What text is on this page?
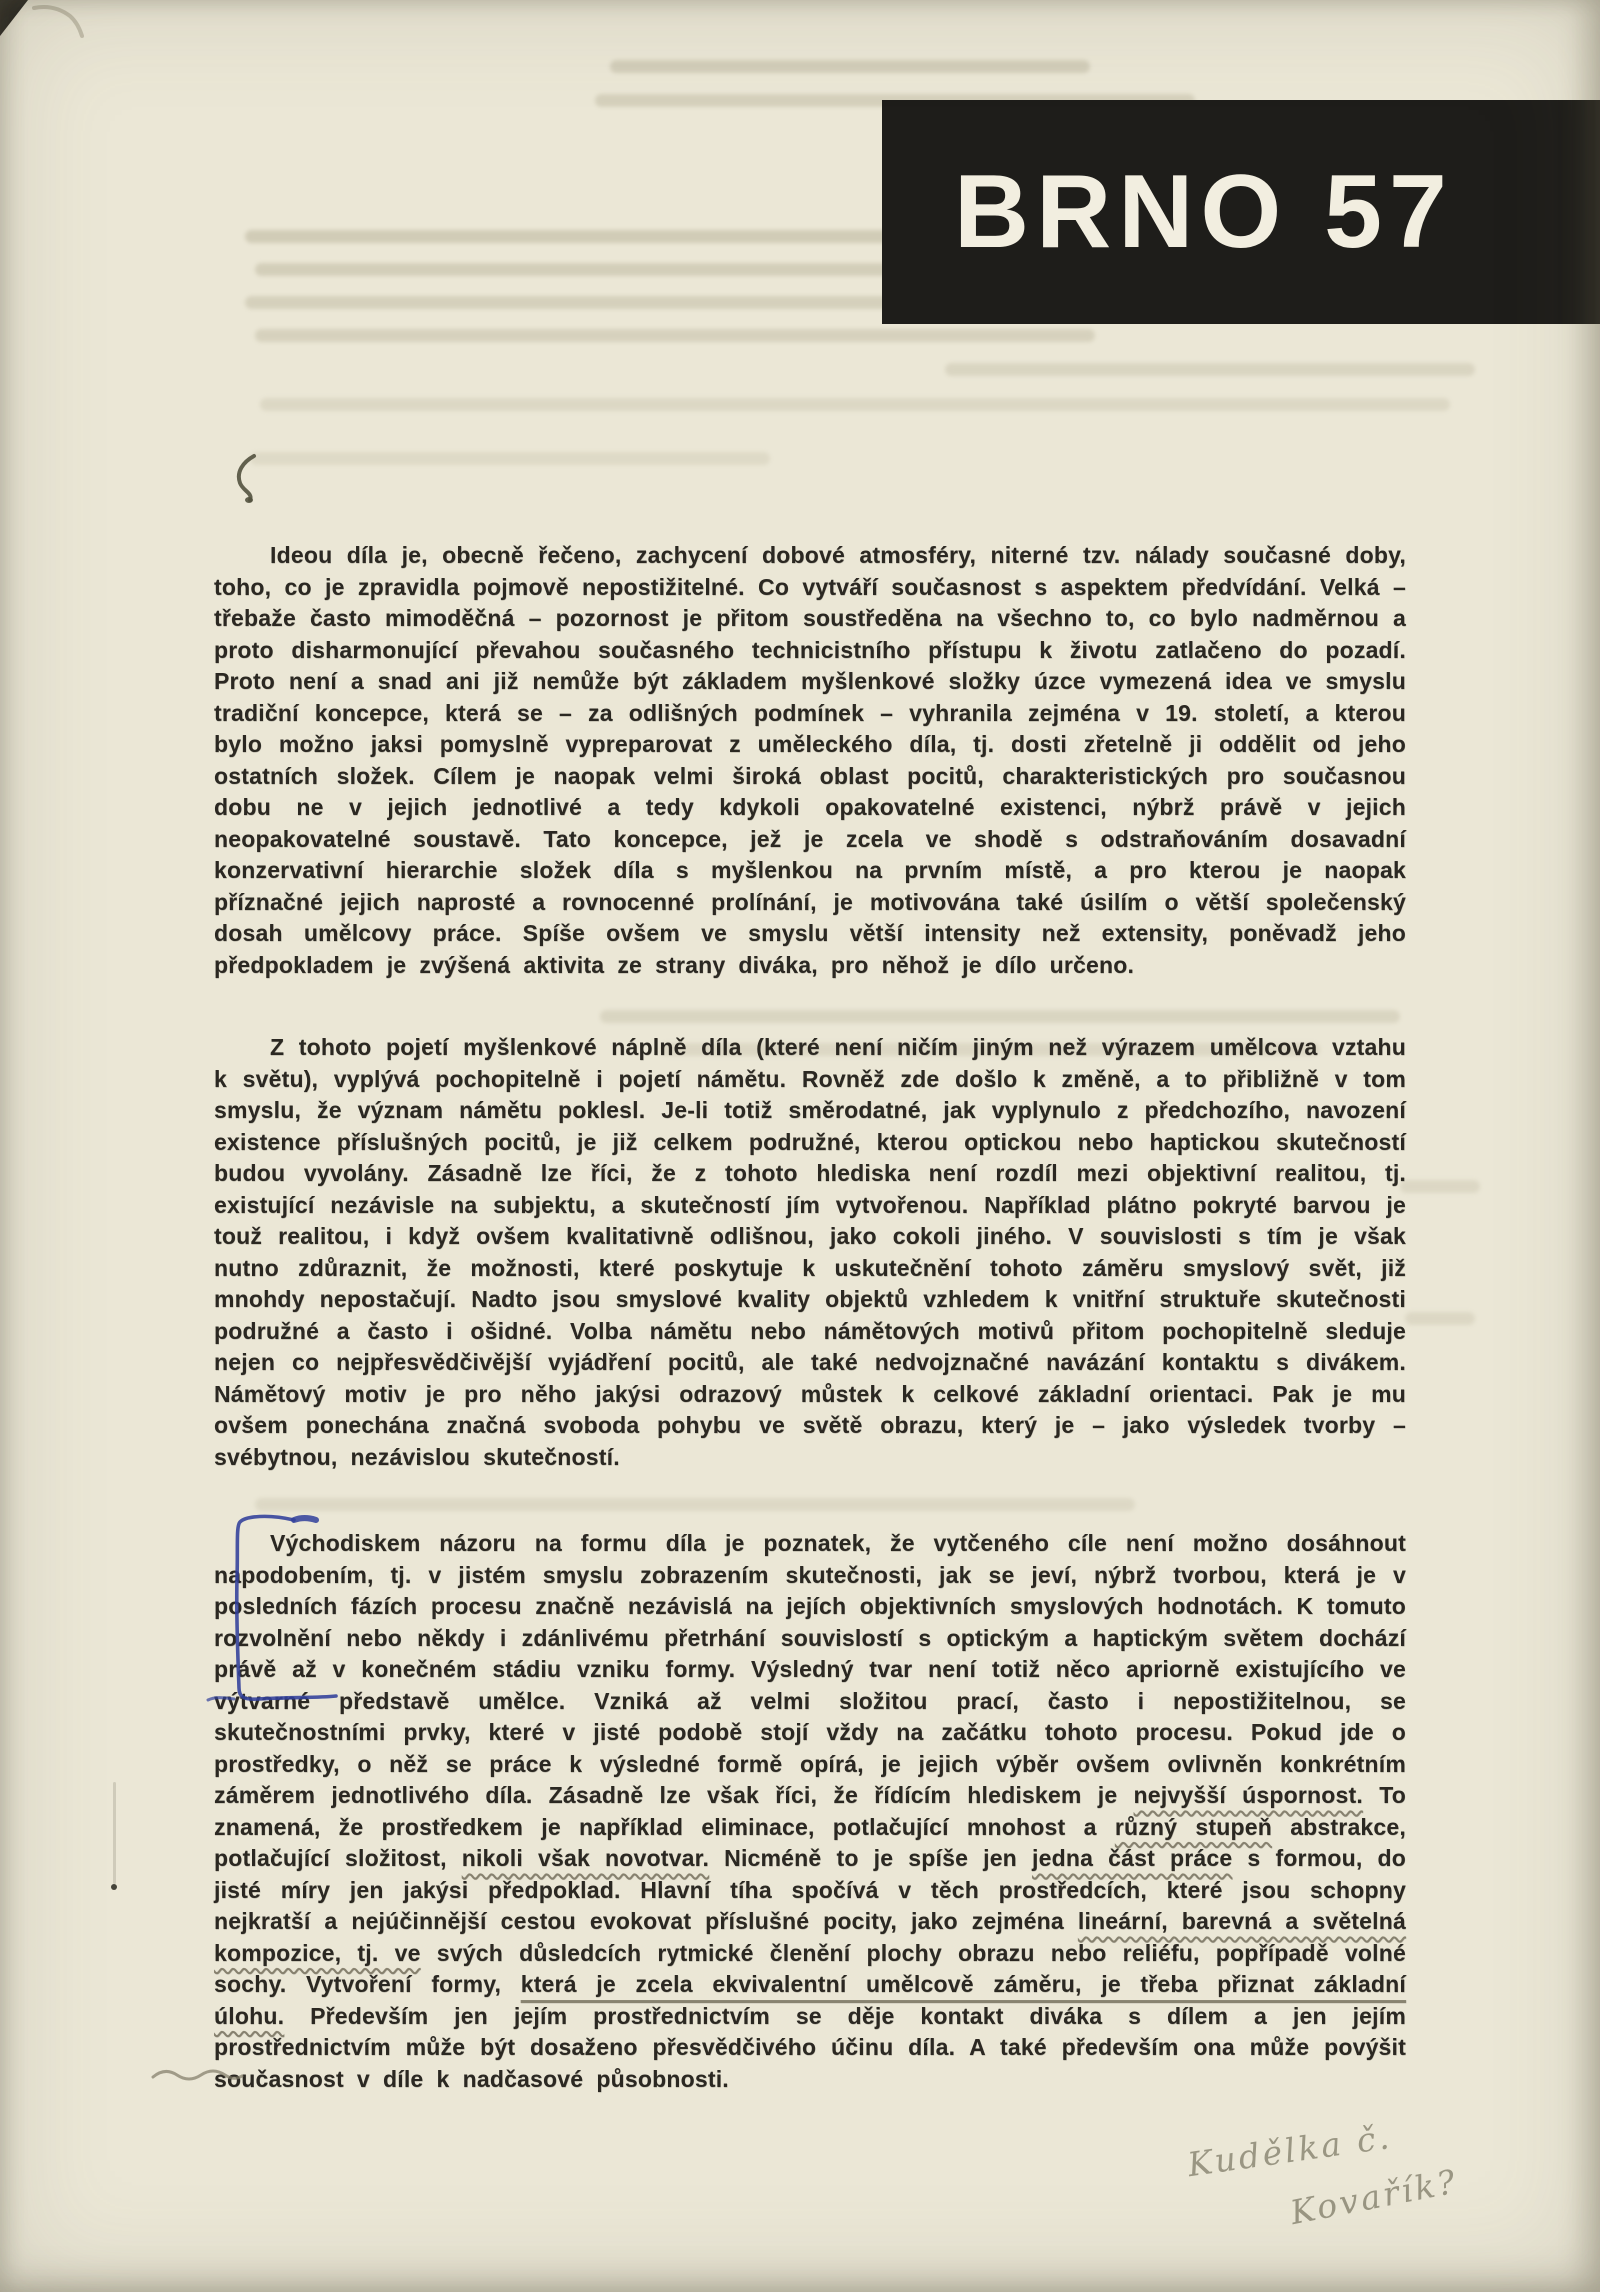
BRNO 57

Ideou díla je, obecně řečeno, zachycení dobové atmosféry, niterné tzv. nálady současné doby, toho, co je zpravidla pojmově nepostižitelné. Co vytváří současnost s aspektem předvídání. Velká – třebaže často mimoděčná – pozornost je přitom soustředěna na všechno to, co bylo nadměrnou a proto disharmonující převahou současného technicistního přístupu k životu zatlačeno do pozadí. Proto není a snad ani již nemůže být základem myšlenkové složky úzce vymezená idea ve smyslu tradiční koncepce, která se – za odlišných podmínek – vyhranila zejména v 19. století, a kterou bylo možno jaksi pomyslně vypreparovat z uměleckého díla, tj. dosti zřetelně ji oddělit od jeho ostatních složek. Cílem je naopak velmi široká oblast pocitů, charakteristických pro současnou dobu ne v jejich jednotlivé a tedy kdykoli opakovatelné existenci, nýbrž právě v jejich neopakovatelné soustavě. Tato koncepce, jež je zcela ve shodě s odstraňováním dosavadní konzervativní hierarchie složek díla s myšlenkou na prvním místě, a pro kterou je naopak příznačné jejich naprosté a rovnocenné prolínání, je motivována také úsilím o větší společenský dosah umělcovy práce. Spíše ovšem ve smyslu větší intensity než extensity, poněvadž jeho předpokladem je zvýšená aktivita ze strany diváka, pro něhož je dílo určeno.

Z tohoto pojetí myšlenkové náplně díla (které není ničím jiným než výrazem umělcova vztahu k světu), vyplývá pochopitelně i pojetí námětu. Rovněž zde došlo k změně, a to přibližně v tom smyslu, že význam námětu poklesl. Je-li totiž směrodatné, jak vyplynulo z předchozího, navození existence příslušných pocitů, je již celkem podružné, kterou optickou nebo haptickou skutečností budou vyvolány. Zásadně lze říci, že z tohoto hlediska není rozdíl mezi objektivní realitou, tj. existující nezávisle na subjektu, a skutečností jím vytvořenou. Například plátno pokryté barvou je touž realitou, i když ovšem kvalitativně odlišnou, jako cokoli jiného. V souvislosti s tím je však nutno zdůraznit, že možnosti, které poskytuje k uskutečnění tohoto záměru smyslový svět, již mnohdy nepostačují. Nadto jsou smyslové kvality objektů vzhledem k vnitřní struktuře skutečnosti podružné a často i ošidné. Volba námětu nebo námětových motivů přitom pochopitelně sleduje nejen co nejpřesvědčivější vyjádření pocitů, ale také nedvojznačné navázání kontaktu s divákem. Námětový motiv je pro něho jakýsi odrazový můstek k celkové základní orientaci. Pak je mu ovšem ponechána značná svoboda pohybu ve světě obrazu, který je – jako výsledek tvorby – svébytnou, nezávislou skutečností.

Východiskem názoru na formu díla je poznatek, že vytčeného cíle není možno dosáhnout napodobením, tj. v jistém smyslu zobrazením skutečnosti, jak se jeví, nýbrž tvorbou, která je v posledních fázích procesu značně nezávislá na jejích objektivních smyslových hodnotách. K tomuto rozvolnění nebo někdy i zdánlivému přetrhání souvislostí s optickým a haptickým světem dochází právě až v konečném stádiu vzniku formy. Výsledný tvar není totiž něco apriorně existujícího ve výtvarné představě umělce. Vzniká až velmi složitou prací, často i nepostižitelnou, se skutečnostními prvky, které v jisté podobě stojí vždy na začátku tohoto procesu. Pokud jde o prostředky, o něž se práce k výsledné formě opírá, je jejich výběr ovšem ovlivněn konkrétním záměrem jednotlivého díla. Zásadně lze však říci, že řídícím hlediskem je nejvyšší úspornost. To znamená, že prostředkem je například eliminace, potlačující mnohost a různý stupeň abstrakce, potlačující složitost, nikoli však novotvar. Nicméně to je spíše jen jedna část práce s formou, do jisté míry jen jakýsi předpoklad. Hlavní tíha spočívá v těch prostředcích, které jsou schopny nejkratší a nejúčinnější cestou evokovat příslušné pocity, jako zejména lineární, barevná a světelná kompozice, tj. ve svých důsledcích rytmické členění plochy obrazu nebo reliéfu, popřípadě volné sochy. Vytvoření formy, která je zcela ekvivalentní umělcově záměru, je třeba přiznat základní úlohu. Především jen jejím prostřednictvím se děje kontakt diváka s dílem a jen jejím prostřednictvím může být dosaženo přesvědčivého účinu díla. A také především ona může povýšit současnost v díle k nadčasové působnosti.

Kudělka č.
Kovařík?
